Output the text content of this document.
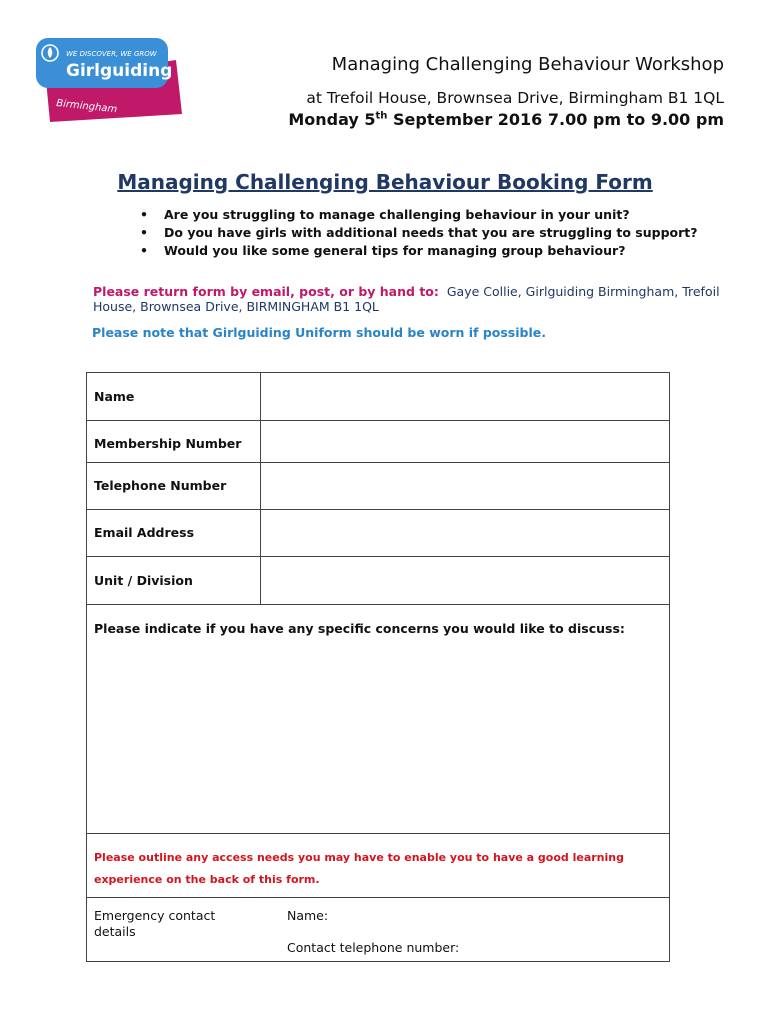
WE DISCOVER, WE GROW
Girlguiding
Birmingham
Managing Challenging Behaviour Workshop
at Trefoil House, Brownsea Drive, Birmingham B1 1QL
Monday 5th September 2016 7.00 pm to 9.00 pm
Managing Challenging Behaviour Booking Form
• Are you struggling to manage challenging behaviour in your unit?
• Do you have girls with additional needs that you are struggling to support?
• Would you like some general tips for managing group behaviour?
Please return form by email, post, or by hand to: Gaye Collie, Girlguiding Birmingham, Trefoil House, Brownsea Drive, BIRMINGHAM B1 1QL
Please note that Girlguiding Uniform should be worn if possible.
Name
Membership Number
Telephone Number
Email Address
Unit / Division
Please indicate if you have any specific concerns you would like to discuss:
Please outline any access needs you may have to enable you to have a good learning experience on the back of this form.
Emergency contact details
Name:
Contact telephone number:
